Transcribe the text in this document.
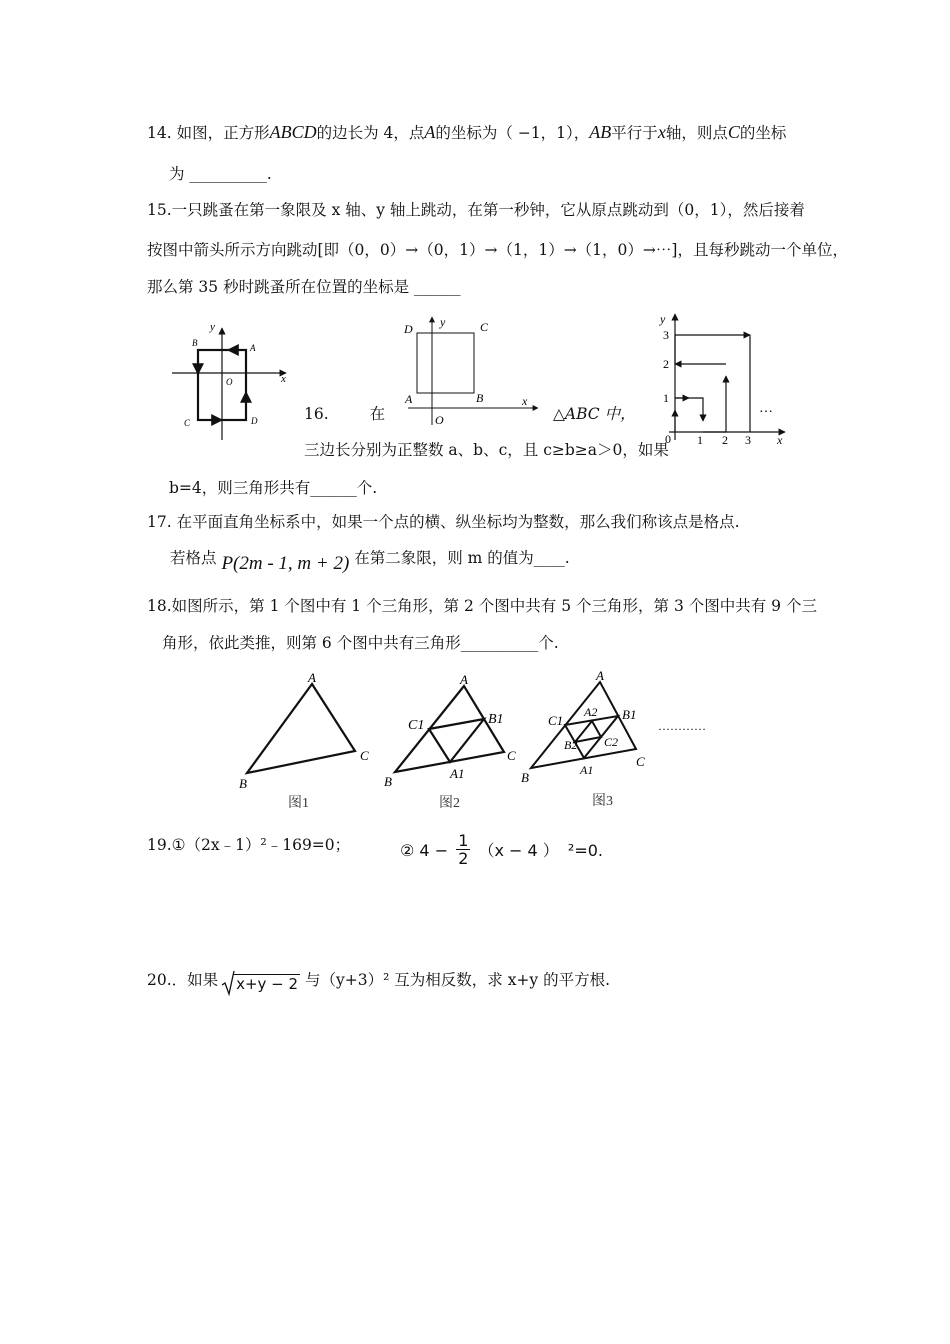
14. 如图，正方形ABCD的边长为 4，点A的坐标为（ −1，1），AB平行于x轴，则点C的坐标
为 __________.
15.一只跳蚤在第一象限及 x 轴、y 轴上跳动，在第一秒钟，它从原点跳动到（0，1），然后接着
按图中箭头所示方向跳动[即（0，0）→（0，1）→（1，1）→（1，0）→⋯]，且每秒跳动一个单位，
那么第 35 秒时跳蚤所在位置的坐标是 ______
y
x
O
B	A
C	D
y
D	C
A	B	x
O
y
3
2
1
0 1 2 3 x
…
16.	在	△ABC 中，
三边长分别为正整数 a、b、c，且 c≥b≥a＞0，如果
b=4，则三角形共有______个.
17. 在平面直角坐标系中，如果一个点的横、纵坐标均为整数，那么我们称该点是格点.
若格点 P(2m - 1, m + 2) 在第二象限，则 m 的值为____.
18.如图所示，第 1 个图中有 1 个三角形，第 2 个图中共有 5 个三角形，第 3 个图中共有 9 个三
角形，依此类推，则第 6 个图中共有三角形__________个.
A
B
C
图1
A
C1	B1
B
C
A1
图2
A
A2
C1	B1
B2 C2
B
C
A1
图3
…………
19.①（2x﹣1）²﹣169=0；	② $4 - \frac{1}{2} (x - 4$ ） ²=0.
20.．如果 x+y − 2 与（y+3）² 互为相反数，求 x+y 的平方根.
